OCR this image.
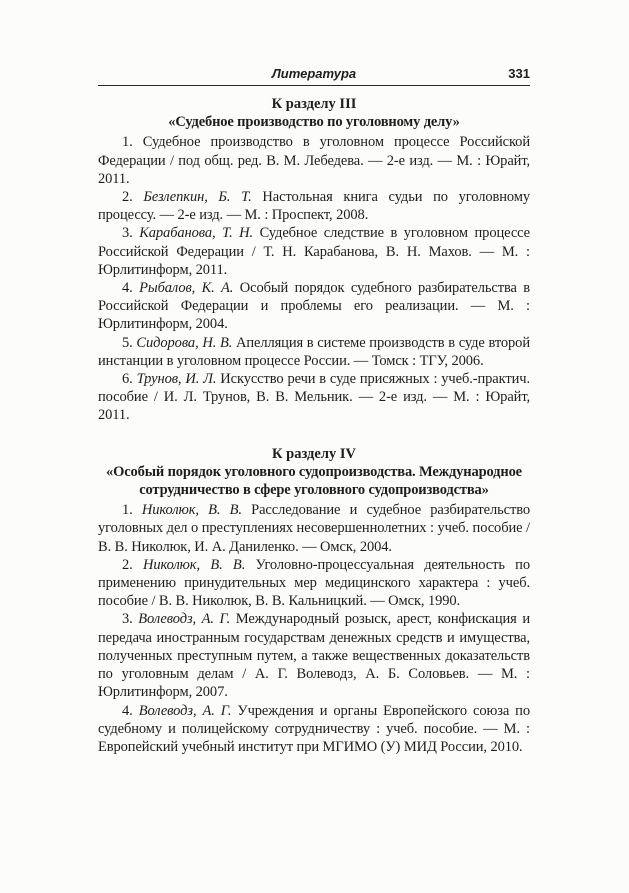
Литература	331

К разделу III

«Судебное производство по уголовному делу»

1. Судебное производство в уголовном процессе Российской Федерации / под общ. ред. В. М. Лебедева. — 2-е изд. — М. : Юрайт, 2011.

2. Безлепкин, Б. Т. Настольная книга судьи по уголовному процессу. — 2-е изд. — М. : Проспект, 2008.

3. Карабанова, Т. Н. Судебное следствие в уголовном процессе Российской Федерации / Т. Н. Карабанова, В. Н. Махов. — М. : Юрлитинформ, 2011.

4. Рыбалов, К. А. Особый порядок судебного разбирательства в Российской Федерации и проблемы его реализации. — М. : Юрлитинформ, 2004.

5. Сидорова, Н. В. Апелляция в системе производств в суде второй инстанции в уголовном процессе России. — Томск : ТГУ, 2006.

6. Трунов, И. Л. Искусство речи в суде присяжных : учеб.-практич. пособие / И. Л. Трунов, В. В. Мельник. — 2-е изд. — М. : Юрайт, 2011.

К разделу IV

«Особый порядок уголовного судопроизводства. Международное сотрудничество в сфере уголовного судопроизводства»

1. Николюк, В. В. Расследование и судебное разбирательство уголовных дел о преступлениях несовершеннолетних : учеб. пособие / В. В. Николюк, И. А. Даниленко. — Омск, 2004.

2. Николюк, В. В. Уголовно-процессуальная деятельность по применению принудительных мер медицинского характера : учеб. пособие / В. В. Николюк, В. В. Кальницкий. — Омск, 1990.

3. Волеводз, А. Г. Международный розыск, арест, конфискация и передача иностранным государствам денежных средств и имущества, полученных преступным путем, а также вещественных доказательств по уголовным делам / А. Г. Волеводз, А. Б. Соловьев. — М. : Юрлитинформ, 2007.

4. Волеводз, А. Г. Учреждения и органы Европейского союза по судебному и полицейскому сотрудничеству : учеб. пособие. — М. : Европейский учебный институт при МГИМО (У) МИД России, 2010.
